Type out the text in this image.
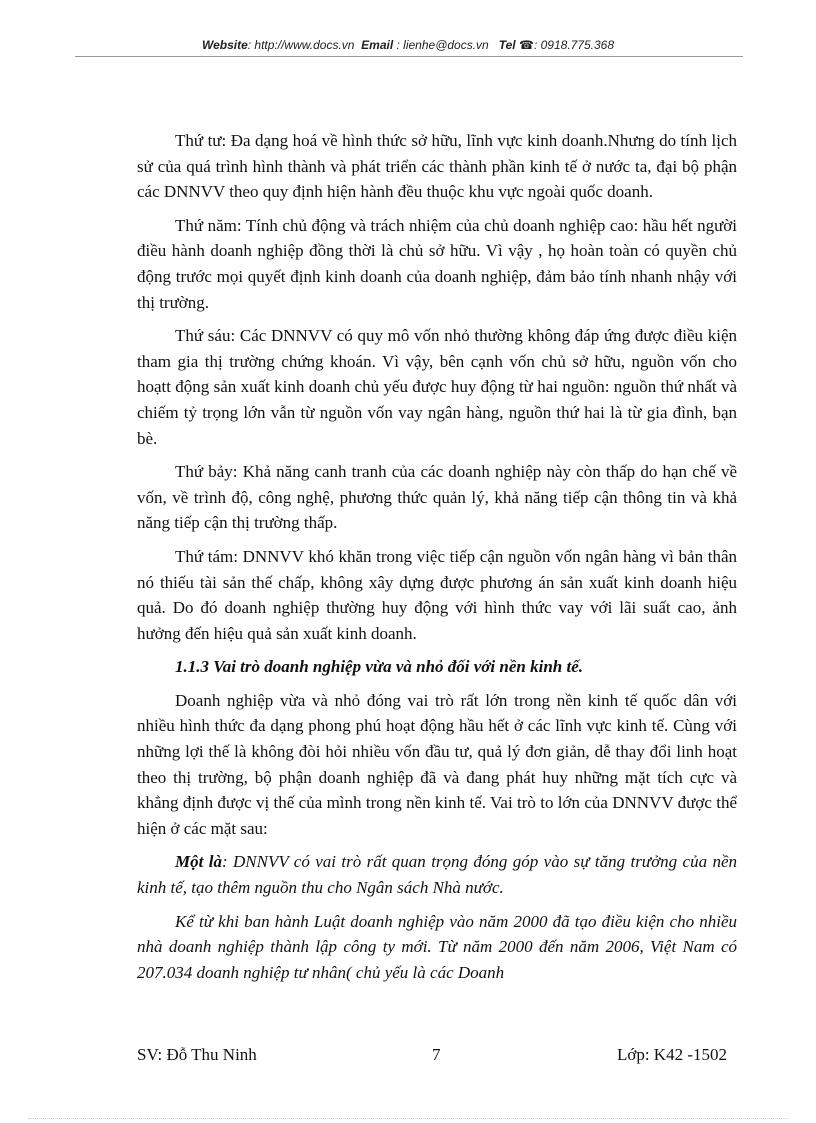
Website: http://www.docs.vn Email : lienhe@docs.vn Tel ☎: 0918.775.368

Thứ tư: Đa dạng hoá về hình thức sở hữu, lĩnh vực kinh doanh.Nhưng do tính lịch sử của quá trình hình thành và phát triển các thành phần kinh tế ở nước ta, đại bộ phận các DNNVV theo quy định hiện hành đều thuộc khu vực ngoài quốc doanh.

Thứ năm: Tính chủ động và trách nhiệm của chủ doanh nghiệp cao: hầu hết người điều hành doanh nghiệp đồng thời là chủ sở hữu. Vì vậy , họ hoàn toàn có quyền chủ động trước mọi quyết định kinh doanh của doanh nghiệp, đảm bảo tính nhanh nhậy với thị trường.

Thứ sáu: Các DNNVV có quy mô vốn nhỏ thường không đáp ứng được điều kiện tham gia thị trường chứng khoán. Vì vậy, bên cạnh vốn chủ sở hữu, nguồn vốn cho hoạtt động sản xuất kinh doanh chủ yếu được huy động từ hai nguồn: nguồn thứ nhất và chiếm tỷ trọng lớn vẫn từ nguồn vốn vay ngân hàng, nguồn thứ hai là từ gia đình, bạn bè.

Thứ bảy: Khả năng canh tranh của các doanh nghiệp này còn thấp do hạn chế về vốn, về trình độ, công nghệ, phương thức quản lý, khả năng tiếp cận thông tin và khả năng tiếp cận thị trường thấp.

Thứ tám: DNNVV khó khăn trong việc tiếp cận nguồn vốn ngân hàng vì bản thân nó thiếu tài sản thế chấp, không xây dựng được phương án sản xuất kinh doanh hiệu quả. Do đó doanh nghiệp thường huy động với hình thức vay với lãi suất cao, ảnh hưởng đến hiệu quả sản xuất kinh doanh.

1.1.3 Vai trò doanh nghiệp vừa và nhỏ đối với nền kinh tế.

Doanh nghiệp vừa và nhỏ đóng vai trò rất lớn trong nền kinh tế quốc dân với nhiều hình thức đa dạng phong phú hoạt động hầu hết ở các lĩnh vực kinh tế. Cùng với những lợi thế là không đòi hỏi nhiều vốn đầu tư, quả lý đơn giản, dễ thay đổi linh hoạt theo thị trường, bộ phận doanh nghiệp đã và đang phát huy những mặt tích cực và khẳng định được vị thế của mình trong nền kinh tế. Vai trò to lớn của DNNVV được thể hiện ở các mặt sau:

Một là: DNNVV có vai trò rất quan trọng đóng góp vào sự tăng trưởng của nền kinh tế, tạo thêm nguồn thu cho Ngân sách Nhà nước.

Kể từ khi ban hành Luật doanh nghiệp vào năm 2000 đã tạo điều kiện cho nhiều nhà doanh nghiệp thành lập công ty mới. Từ năm 2000 đến năm 2006, Việt Nam có 207.034 doanh nghiệp tư nhân( chủ yếu là các Doanh

SV: Đỗ Thu Ninh	7	Lớp: K42 -1502
